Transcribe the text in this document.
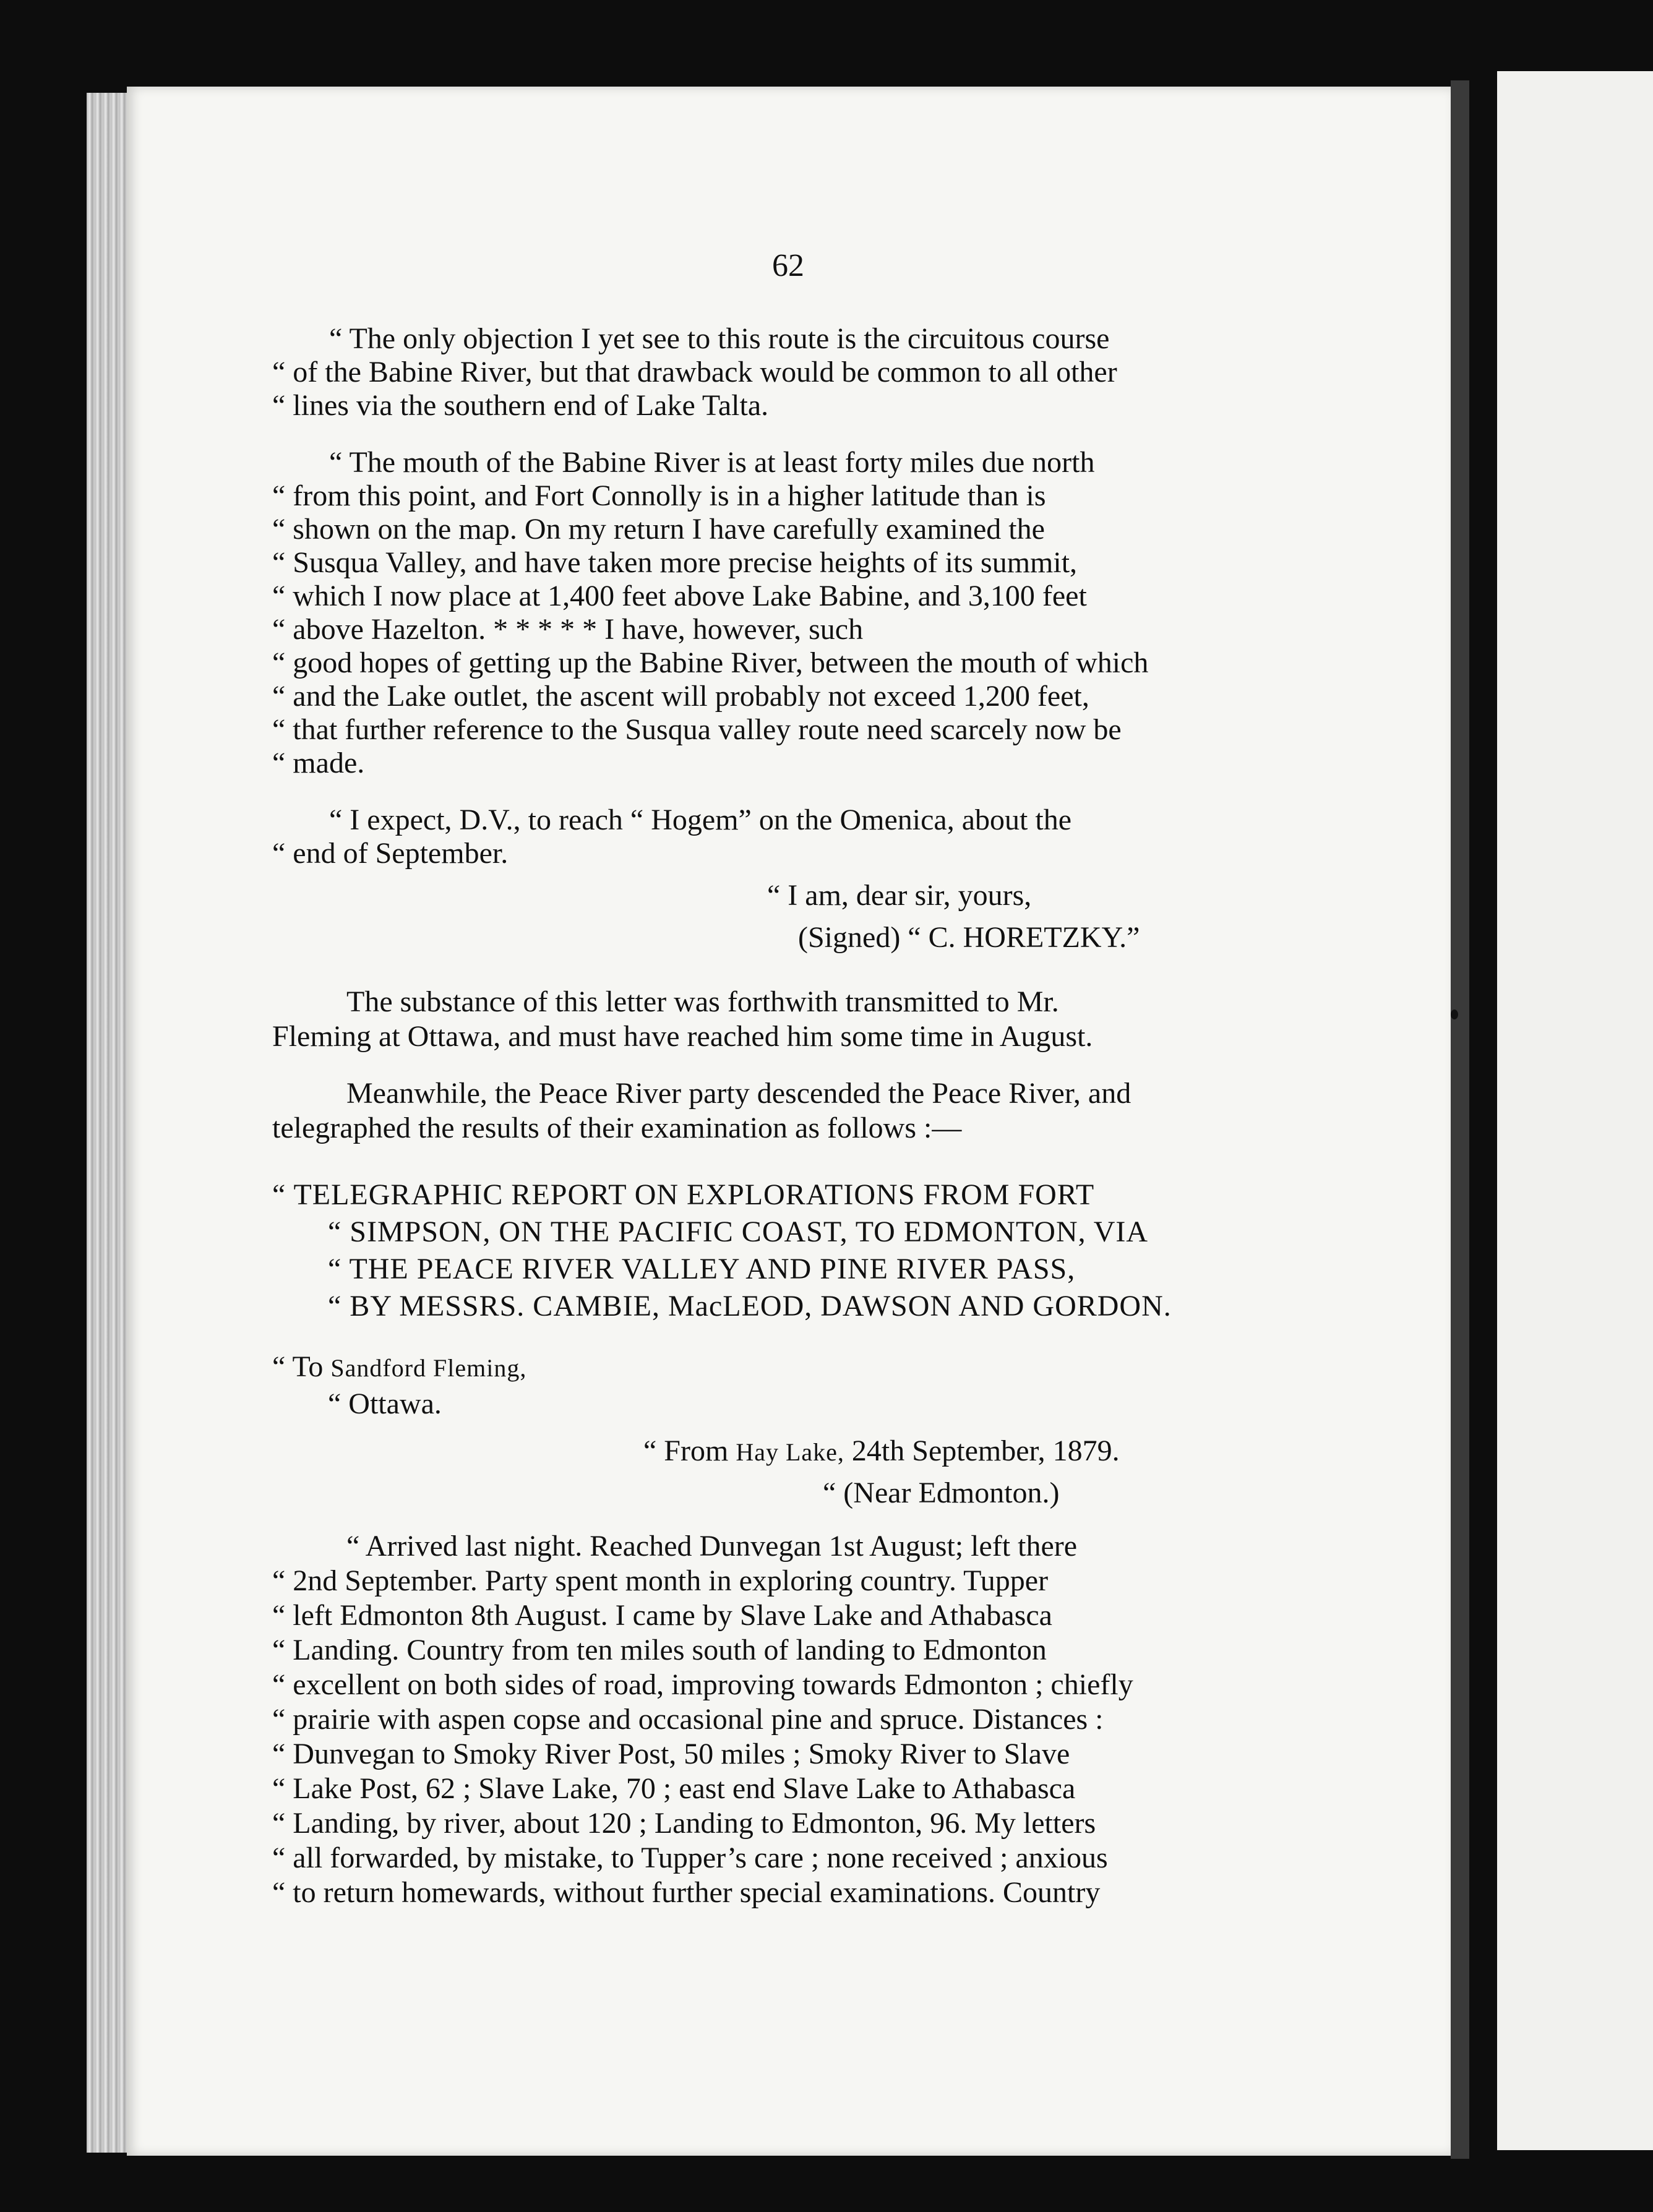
62
“ The only objection I yet see to this route is the circuitous course
“ of the Babine River, but that drawback would be common to all other
“ lines via the southern end of Lake Talta.
“ The mouth of the Babine River is at least forty miles due north
“ from this point, and Fort Connolly is in a higher latitude than is
“ shown on the map. On my return I have carefully examined the
“ Susqua Valley, and have taken more precise heights of its summit,
“ which I now place at 1,400 feet above Lake Babine, and 3,100 feet
“ above Hazelton. * * * * * I have, however, such
“ good hopes of getting up the Babine River, between the mouth of which
“ and the Lake outlet, the ascent will probably not exceed 1,200 feet,
“ that further reference to the Susqua valley route need scarcely now be
“ made.
“ I expect, D.V., to reach “ Hogem” on the Omenica, about the
“ end of September.
“ I am, dear sir, yours,
(Signed) “ C. HORETZKY.”
The substance of this letter was forthwith transmitted to Mr.
Fleming at Ottawa, and must have reached him some time in August.
Meanwhile, the Peace River party descended the Peace River, and
telegraphed the results of their examination as follows :—
“ TELEGRAPHIC REPORT ON EXPLORATIONS FROM FORT
“ SIMPSON, ON THE PACIFIC COAST, TO EDMONTON, VIA
“ THE PEACE RIVER VALLEY AND PINE RIVER PASS,
“ BY MESSRS. CAMBIE, MacLEOD, DAWSON AND GORDON.
“ To Sandford Fleming,
“ Ottawa.
“ From Hay Lake, 24th September, 1879.
“ (Near Edmonton.)
“ Arrived last night. Reached Dunvegan 1st August; left there
“ 2nd September. Party spent month in exploring country. Tupper
“ left Edmonton 8th August. I came by Slave Lake and Athabasca
“ Landing. Country from ten miles south of landing to Edmonton
“ excellent on both sides of road, improving towards Edmonton ; chiefly
“ prairie with aspen copse and occasional pine and spruce. Distances :
“ Dunvegan to Smoky River Post, 50 miles ; Smoky River to Slave
“ Lake Post, 62 ; Slave Lake, 70 ; east end Slave Lake to Athabasca
“ Landing, by river, about 120 ; Landing to Edmonton, 96. My letters
“ all forwarded, by mistake, to Tupper’s care ; none received ; anxious
“ to return homewards, without further special examinations. Country
